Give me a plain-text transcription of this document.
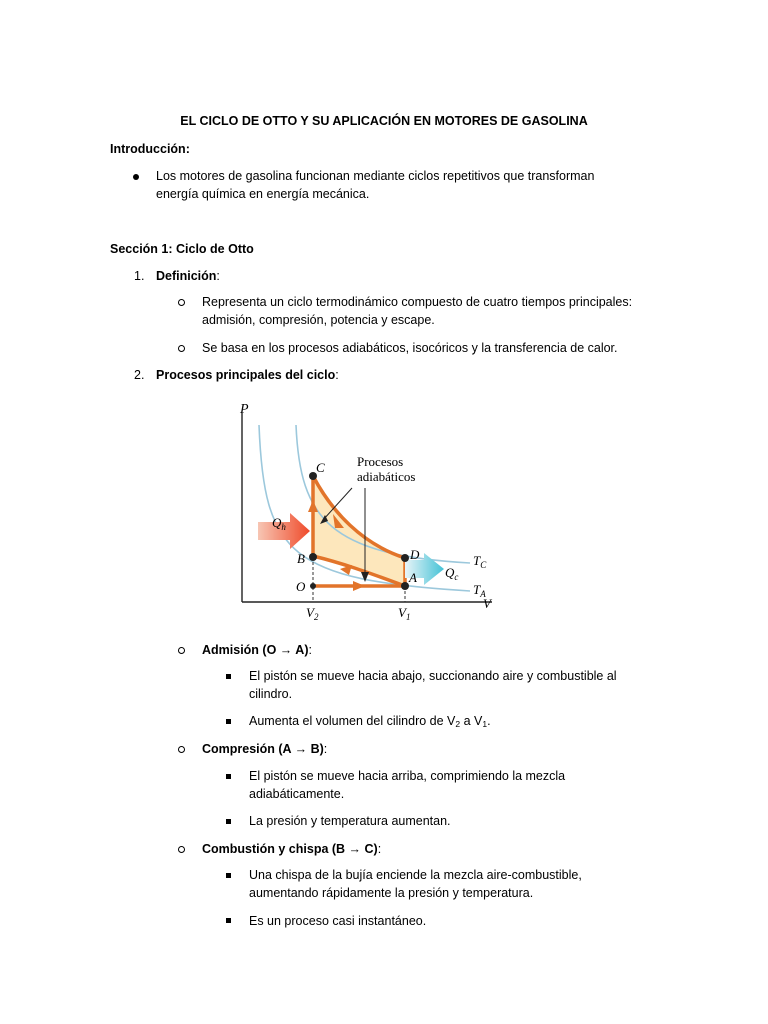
EL CICLO DE OTTO Y SU APLICACIÓN EN MOTORES DE GASOLINA
Introducción:
Los motores de gasolina funcionan mediante ciclos repetitivos que transforman
energía química en energía mecánica.
Sección 1: Ciclo de Otto
1. Definición:
Representa un ciclo termodinámico compuesto de cuatro tiempos principales:
admisión, compresión, potencia y escape.
Se basa en los procesos adiabáticos, isocóricos y la transferencia de calor.
2. Procesos principales del ciclo:
P
V
Procesos
adiabáticos
C
B	D
A
O
$Q_h$
$Q_c$
$T_C$
$T_A$
$V_2$	$V_1$
Admisión (O → A):
El pistón se mueve hacia abajo, succionando aire y combustible al
cilindro.
Aumenta el volumen del cilindro de $V_2$ a $V_1$.
Compresión (A → B):
El pistón se mueve hacia arriba, comprimiendo la mezcla
adiabáticamente.
La presión y temperatura aumentan.
Combustión y chispa (B → C):
Una chispa de la bujía enciende la mezcla aire-combustible,
aumentando rápidamente la presión y temperatura.
Es un proceso casi instantáneo.
